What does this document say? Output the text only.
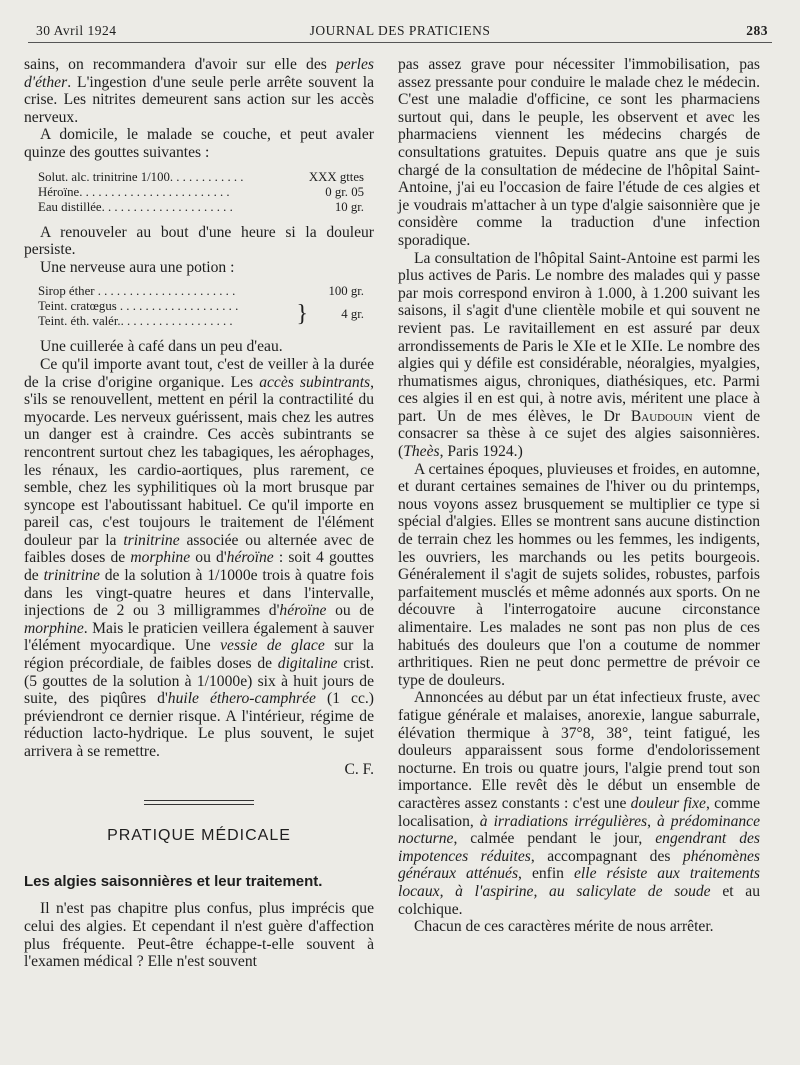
30 Avril 1924	JOURNAL DES PRATICIENS	283

sains, on recommandera d'avoir sur elle des perles d'éther. L'ingestion d'une seule perle arrête souvent la crise. Les nitrites demeurent sans action sur les accès nerveux.

A domicile, le malade se couche, et peut avaler quinze des gouttes suivantes :

Solut. alc. trinitrine 1/100. . . . . . . . . . . .	XXX gttes
Héroïne. . . . . . . . . . . . . . . . . . . . . . . .	0 gr. 05
Eau distillée. . . . . . . . . . . . . . . . . . . . .	10 gr.

A renouveler au bout d'une heure si la douleur persiste.

Une nerveuse aura une potion :

Sirop éther . . . . . . . . . . . . . . . . . . . . . .	100 gr.
Teint. cratœgus . . . . . . . . . . . . . . . . . . .
Teint. éth. valér.. . . . . . . . . . . . . . . . . .	}	4 gr.

Une cuillerée à café dans un peu d'eau.

Ce qu'il importe avant tout, c'est de veiller à la durée de la crise d'origine organique. Les accès subintrants, s'ils se renouvellent, mettent en péril la contractilité du myocarde. Les nerveux guérissent, mais chez les autres un danger est à craindre. Ces accès subintrants se rencontrent surtout chez les tabagiques, les aérophages, les rénaux, les cardio-aortiques, plus rarement, ce semble, chez les syphilitiques où la mort brusque par syncope est l'aboutissant habituel. Ce qu'il importe en pareil cas, c'est toujours le traitement de l'élément douleur par la trinitrine associée ou alternée avec de faibles doses de morphine ou d'héroïne : soit 4 gouttes de trinitrine de la solution à 1/1000e trois à quatre fois dans les vingt-quatre heures et dans l'intervalle, injections de 2 ou 3 milligrammes d'héroïne ou de morphine. Mais le praticien veillera également à sauver l'élément myocardique. Une vessie de glace sur la région précordiale, de faibles doses de digitaline crist. (5 gouttes de la solution à 1/1000e) six à huit jours de suite, des piqûres d'huile éthero-camphrée (1 cc.) préviendront ce dernier risque. A l'intérieur, régime de réduction lacto-hydrique. Le plus souvent, le sujet arrivera à se remettre.

C. F.

PRATIQUE MÉDICALE
Les algies saisonnières et leur traitement.

Il n'est pas chapitre plus confus, plus imprécis que celui des algies. Et cependant il n'est guère d'affection plus fréquente. Peut-être échappe-t-elle souvent à l'examen médical ? Elle n'est souvent

pas assez grave pour nécessiter l'immobilisation, pas assez pressante pour conduire le malade chez le médecin. C'est une maladie d'officine, ce sont les pharmaciens surtout qui, dans le peuple, les observent et avec les pharmaciens viennent les médecins chargés de consultations gratuites. Depuis quatre ans que je suis chargé de la consultation de médecine de l'hôpital Saint-Antoine, j'ai eu l'occasion de faire l'étude de ces algies et je voudrais m'attacher à un type d'algie saisonnière que je considère comme la traduction d'une infection sporadique.

La consultation de l'hôpital Saint-Antoine est parmi les plus actives de Paris. Le nombre des malades qui y passe par mois correspond environ à 1.000, à 1.200 suivant les saisons, il s'agit d'une clientèle mobile et qui souvent ne revient pas. Le ravitaillement en est assuré par deux arrondissements de Paris le XIe et le XIIe. Le nombre des algies qui y défile est considérable, néoralgies, myalgies, rhumatismes aigus, chroniques, diathésiques, etc. Parmi ces algies il en est qui, à notre avis, méritent une place à part. Un de mes élèves, le Dr Baudouin vient de consacrer sa thèse à ce sujet des algies saisonnières. (Theès, Paris 1924.)

A certaines époques, pluvieuses et froides, en automne, et durant certaines semaines de l'hiver ou du printemps, nous voyons assez brusquement se multiplier ce type si spécial d'algies. Elles se montrent sans aucune distinction de terrain chez les hommes ou les femmes, les indigents, les ouvriers, les marchands ou les petits bourgeois. Généralement il s'agit de sujets solides, robustes, parfois parfaitement musclés et même adonnés aux sports. On ne découvre à l'interrogatoire aucune circonstance alimentaire. Les malades ne sont pas non plus de ces habitués des douleurs que l'on a coutume de nommer arthritiques. Rien ne peut donc permettre de prévoir ce type de douleurs.

Annoncées au début par un état infectieux fruste, avec fatigue générale et malaises, anorexie, langue saburrale, élévation thermique à 37°8, 38°, teint fatigué, les douleurs apparaissent sous forme d'endolorissement nocturne. En trois ou quatre jours, l'algie prend tout son importance. Elle revêt dès le début un ensemble de caractères assez constants : c'est une douleur fixe, comme localisation, à irradiations irrégulières, à prédominance nocturne, calmée pendant le jour, engendrant des impotences réduites, accompagnant des phénomènes généraux atténués, enfin elle résiste aux traitements locaux, à l'aspirine, au salicylate de soude et au colchique.

Chacun de ces caractères mérite de nous arrêter.
